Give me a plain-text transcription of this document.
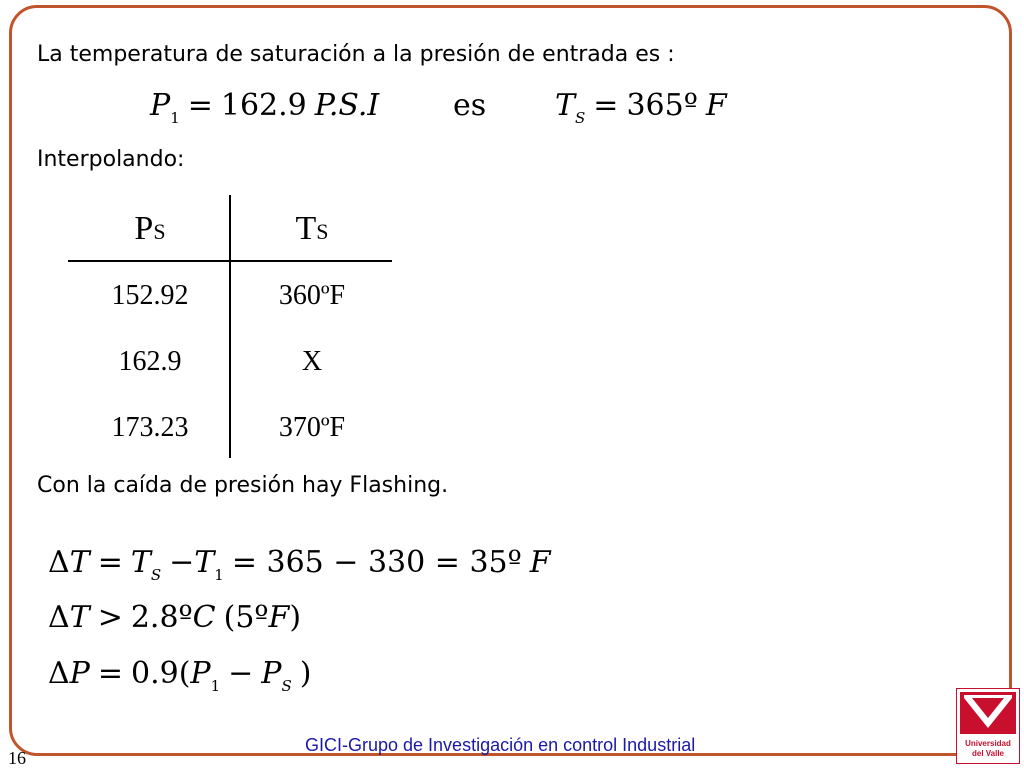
La temperatura de saturación a la presión de entrada es :
$P_1 = 162.9$ P.S.I es $T_S$ = 365º F
Interpolando:
PS	TS
152.92	360ºF
162.9	X
173.23	370ºF
Con la caída de presión hay Flashing.
$\Delta T = T_S -T_1 = 365 - 330$ = 35º F
ΔT > 2.8ºC (5ºF)
$\Delta P = 0.9(P_1 - P_S$ )
GICI-Grupo de Investigación en control Industrial
16
Universidad
del Valle
